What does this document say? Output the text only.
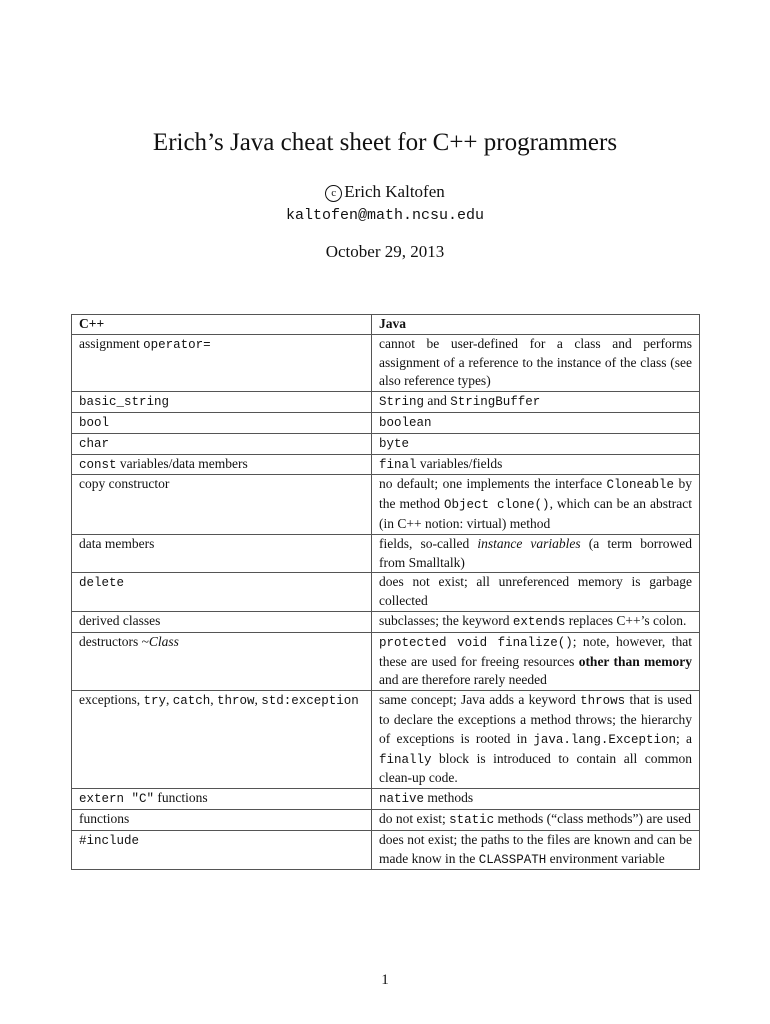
Erich’s Java cheat sheet for C++ programmers
c Erich Kaltofen
kaltofen@math.ncsu.edu
October 29, 2013
C++	Java
assignment operator=	cannot be user-defined for a class and performs assignment of a reference to the instance of the class (see also reference types)
basic_string	String and StringBuffer
bool	boolean
char	byte
const variables/data members	final variables/fields
copy constructor	no default; one implements the interface Cloneable by the method Object clone(), which can be an abstract (in C++ notion: virtual) method
data members	fields, so-called instance variables (a term borrowed from Smalltalk)
delete	does not exist; all unreferenced memory is garbage collected
derived classes	subclasses; the keyword extends replaces C++’s colon.
destructors ~Class	protected void finalize(); note, however, that these are used for freeing resources other than memory and are therefore rarely needed
exceptions, try, catch, throw, std:exception	same concept; Java adds a keyword throws that is used to declare the exceptions a method throws; the hierarchy of exceptions is rooted in java.lang.Exception; a finally block is introduced to contain all common clean-up code.
extern "C" functions	native methods
functions	do not exist; static methods (“class methods”) are used
#include	does not exist; the paths to the files are known and can be made know in the CLASSPATH environment variable
1
